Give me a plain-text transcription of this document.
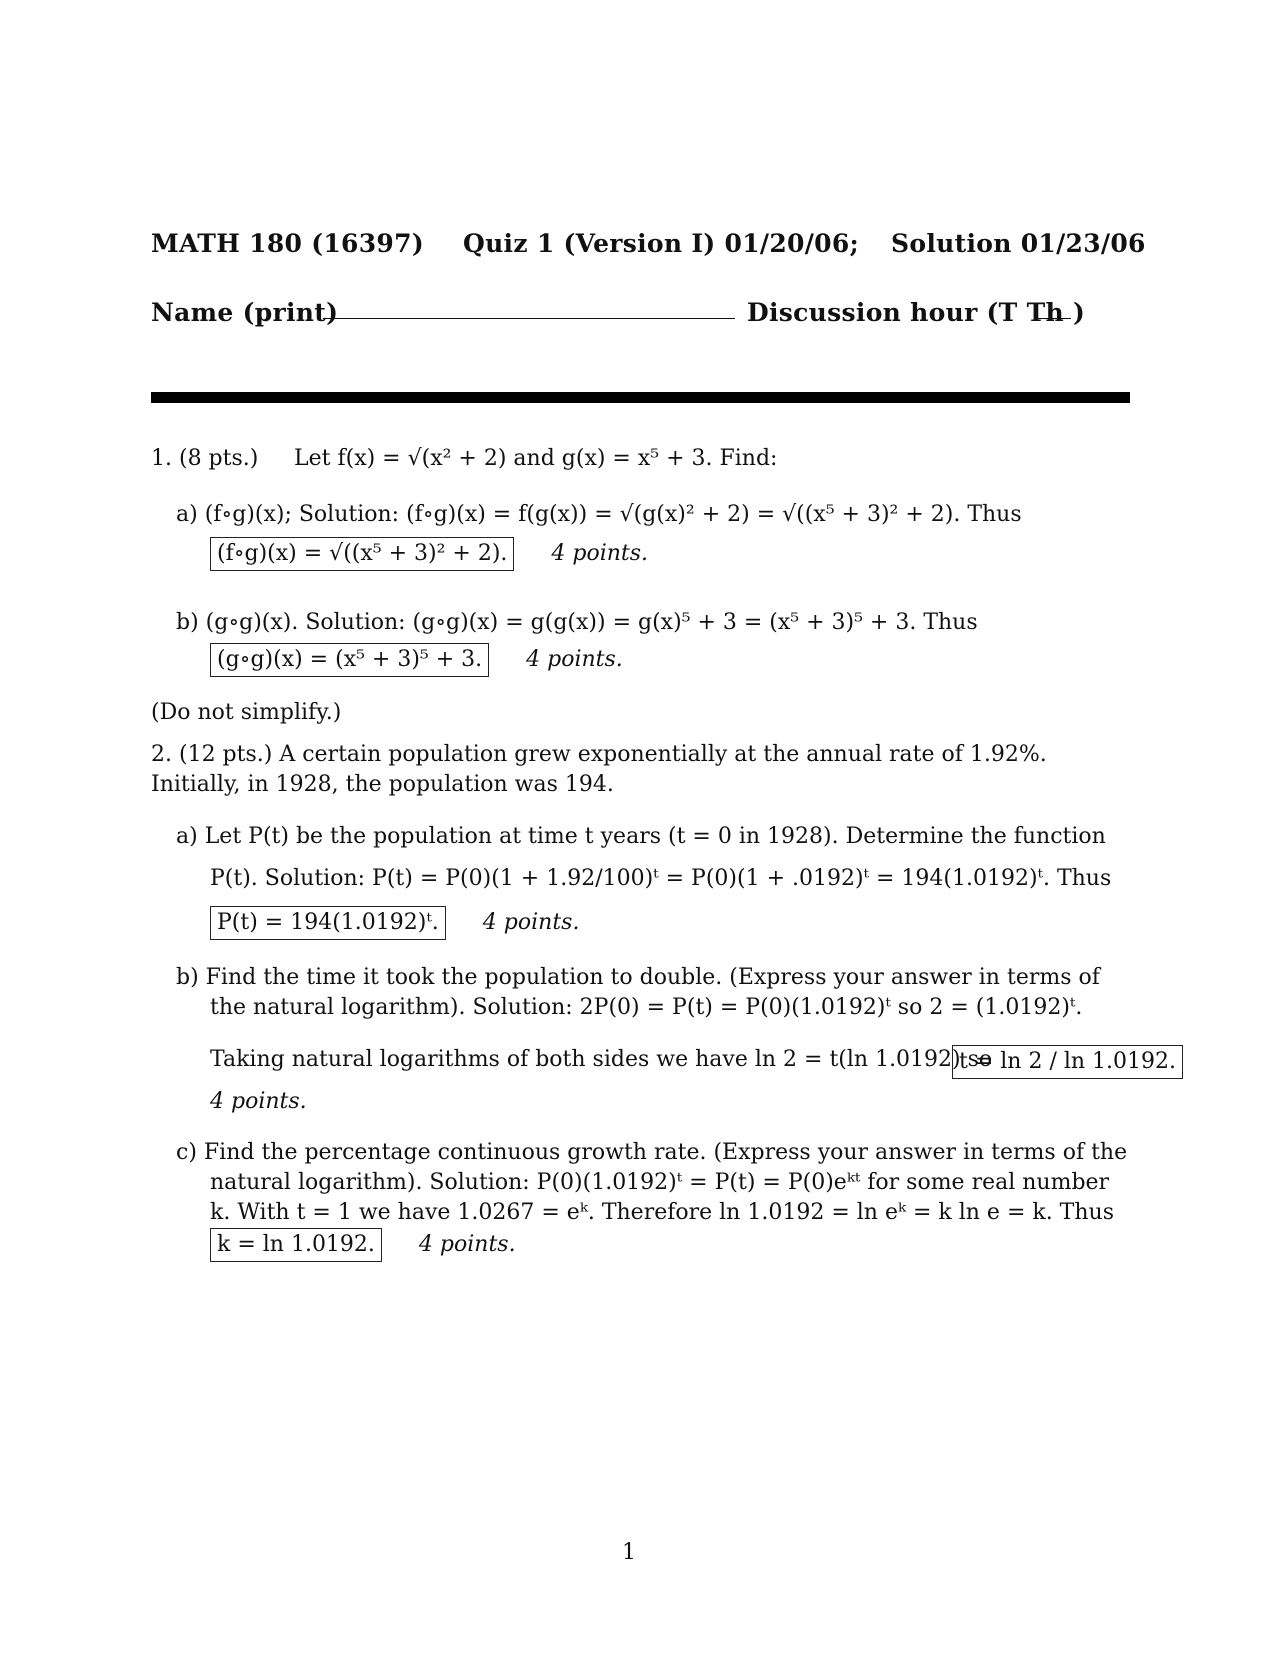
MATH 180 (16397) Quiz 1 (Version I) 01/20/06; Solution 01/23/06
Name (print)	Discussion hour (T Th )
1. (8 pts.) Let f(x) = √(x² + 2) and g(x) = x⁵ + 3. Find:
a) (f∘g)(x); Solution: (f∘g)(x) = f(g(x)) = √(g(x)² + 2) = √((x⁵ + 3)² + 2). Thus
(f∘g)(x) = √((x⁵ + 3)² + 2). 4 points.
b) (g∘g)(x). Solution: (g∘g)(x) = g(g(x)) = g(x)⁵ + 3 = (x⁵ + 3)⁵ + 3. Thus
(g∘g)(x) = (x⁵ + 3)⁵ + 3. 4 points.
(Do not simplify.)
2. (12 pts.) A certain population grew exponentially at the annual rate of 1.92%. Initially, in 1928, the population was 194.
a) Let P(t) be the population at time t years (t = 0 in 1928). Determine the function
P(t). Solution: P(t) = P(0)(1 + 1.92/100)ᵗ = P(0)(1 + .0192)ᵗ = 194(1.0192)ᵗ. Thus
P(t) = 194(1.0192)ᵗ. 4 points.
b) Find the time it took the population to double. (Express your answer in terms of
the natural logarithm). Solution: 2P(0) = P(t) = P(0)(1.0192)ᵗ so 2 = (1.0192)ᵗ.
Taking natural logarithms of both sides we have ln 2 = t(ln 1.0192) so
t = ln 2 / ln 1.0192.
4 points.
c) Find the percentage continuous growth rate. (Express your answer in terms of the
natural logarithm). Solution: P(0)(1.0192)ᵗ = P(t) = P(0)eᵏᵗ for some real number
k. With t = 1 we have 1.0267 = eᵏ. Therefore ln 1.0192 = ln eᵏ = k ln e = k. Thus
k = ln 1.0192. 4 points.
1
